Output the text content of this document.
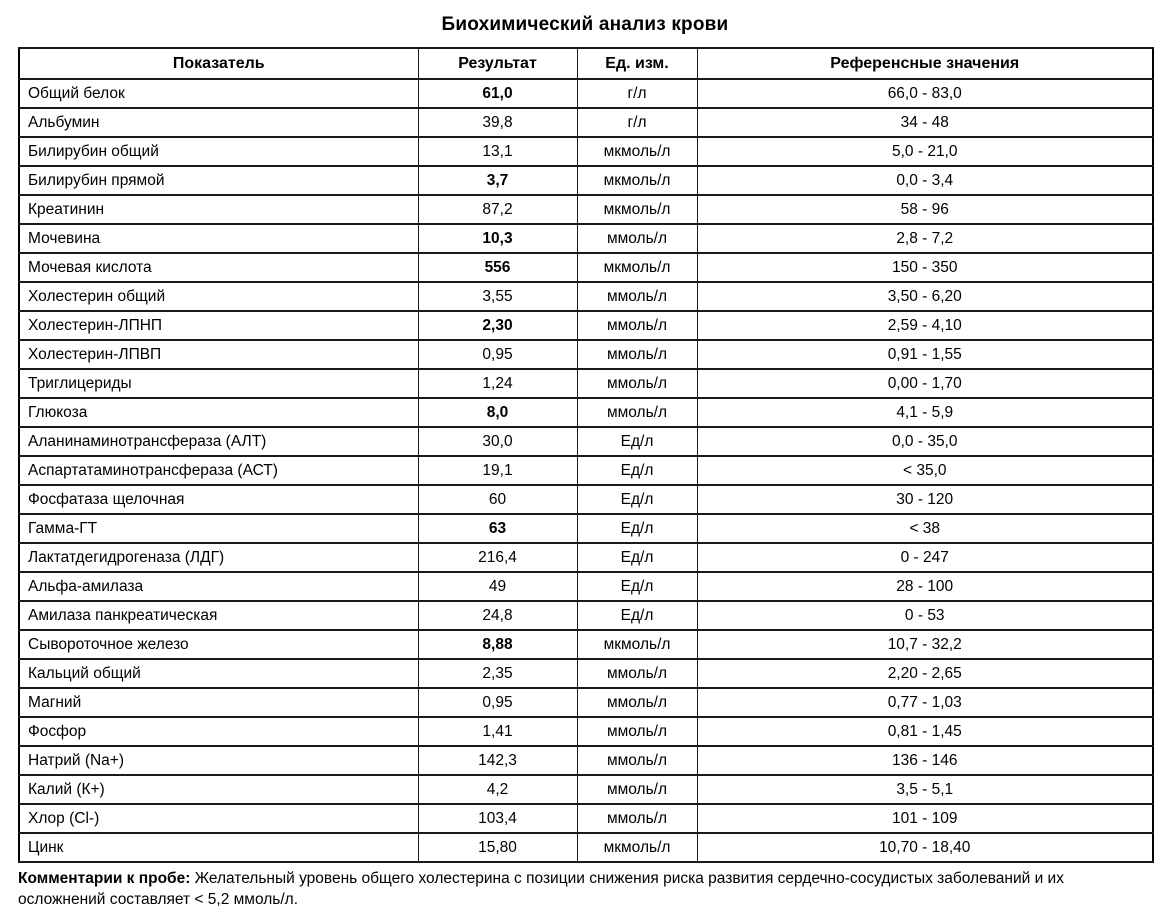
Биохимический анализ крови
Показатель	Результат	Ед. изм.	Референсные значения
Общий белок	61,0	г/л	66,0 - 83,0
Альбумин	39,8	г/л	34 - 48
Билирубин общий	13,1	мкмоль/л	5,0 - 21,0
Билирубин прямой	3,7	мкмоль/л	0,0 - 3,4
Креатинин	87,2	мкмоль/л	58 - 96
Мочевина	10,3	ммоль/л	2,8 - 7,2
Мочевая кислота	556	мкмоль/л	150 - 350
Холестерин общий	3,55	ммоль/л	3,50 - 6,20
Холестерин-ЛПНП	2,30	ммоль/л	2,59 - 4,10
Холестерин-ЛПВП	0,95	ммоль/л	0,91 - 1,55
Триглицериды	1,24	ммоль/л	0,00 - 1,70
Глюкоза	8,0	ммоль/л	4,1 - 5,9
Аланинаминотрансфераза (АЛТ)	30,0	Ед/л	0,0 - 35,0
Аспартатаминотрансфераза (АСТ)	19,1	Ед/л	< 35,0
Фосфатаза щелочная	60	Ед/л	30 - 120
Гамма-ГТ	63	Ед/л	< 38
Лактатдегидрогеназа (ЛДГ)	216,4	Ед/л	0 - 247
Альфа-амилаза	49	Ед/л	28 - 100
Амилаза панкреатическая	24,8	Ед/л	0 - 53
Сывороточное железо	8,88	мкмоль/л	10,7 - 32,2
Кальций общий	2,35	ммоль/л	2,20 - 2,65
Магний	0,95	ммоль/л	0,77 - 1,03
Фосфор	1,41	ммоль/л	0,81 - 1,45
Натрий (Na+)	142,3	ммоль/л	136 - 146
Калий (К+)	4,2	ммоль/л	3,5 - 5,1
Хлор (Cl-)	103,4	ммоль/л	101 - 109
Цинк	15,80	мкмоль/л	10,70 - 18,40
Комментарии к пробе: Желательный уровень общего холестерина с позиции снижения риска развития сердечно-сосудистых заболеваний и их осложнений составляет < 5,2 ммоль/л.
